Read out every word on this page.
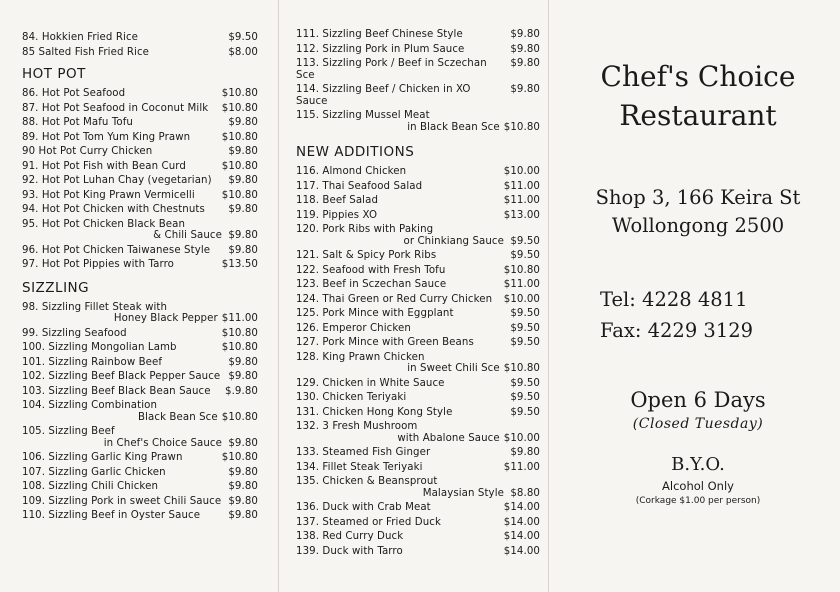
84. Hokkien Fried Rice	$9.50
85 Salted Fish Fried Rice	$8.00
HOT POT
86. Hot Pot Seafood	$10.80
87. Hot Pot Seafood in Coconut Milk	$10.80
88. Hot Pot Mafu Tofu	$9.80
89. Hot Pot Tom Yum King Prawn	$10.80
90 Hot Pot Curry Chicken	$9.80
91. Hot Pot Fish with Bean Curd	$10.80
92. Hot Pot Luhan Chay (vegetarian)	$9.80
93. Hot Pot King Prawn Vermicelli	$10.80
94. Hot Pot Chicken with Chestnuts	$9.80
95. Hot Pot Chicken Black Bean
& Chili Sauce $9.80
96. Hot Pot Chicken Taiwanese Style	$9.80
97. Hot Pot Pippies with Tarro	$13.50
SIZZLING
98. Sizzling Fillet Steak with
Honey Black Pepper $11.00
99. Sizzling Seafood	$10.80
100. Sizzling Mongolian Lamb	$10.80
101. Sizzling Rainbow Beef	$9.80
102. Sizzling Beef Black Pepper Sauce $9.80
103. Sizzling Beef Black Bean Sauce	$.9.80
104. Sizzling Combination
Black Bean Sce $10.80
105. Sizzling Beef
in Chef's Choice Sauce $9.80
106. Sizzling Garlic King Prawn	$10.80
107. Sizzling Garlic Chicken	$9.80
108. Sizzling Chili Chicken	$9.80
109. Sizzling Pork in sweet Chili Sauce $9.80
110. Sizzling Beef in Oyster Sauce	$9.80
111. Sizzling Beef Chinese Style	$9.80
112. Sizzling Pork in Plum Sauce	$9.80
113. Sizzling Pork / Beef in Sczechan Sce
$9.80
114. Sizzling Beef / Chicken in XO Sauce
$9.80
115. Sizzling Mussel Meat
in Black Bean Sce $10.80
NEW ADDITIONS
116. Almond Chicken	$10.00
117. Thai Seafood Salad	$11.00
118. Beef Salad	$11.00
119. Pippies XO	$13.00
120. Pork Ribs with Paking
or Chinkiang Sauce $9.50
121. Salt & Spicy Pork Ribs	$9.50
122. Seafood with Fresh Tofu	$10.80
123. Beef in Sczechan Sauce	$11.00
124. Thai Green or Red Curry Chicken	$10.00
125. Pork Mince with Eggplant	$9.50
126. Emperor Chicken	$9.50
127. Pork Mince with Green Beans	$9.50
128. King Prawn Chicken
in Sweet Chili Sce $10.80
129. Chicken in White Sauce	$9.50
130. Chicken Teriyaki	$9.50
131. Chicken Hong Kong Style	$9.50
132. 3 Fresh Mushroom
with Abalone Sauce $10.00
133. Steamed Fish Ginger	$9.80
134. Fillet Steak Teriyaki	$11.00
135. Chicken & Beansprout
Malaysian Style $8.80
136. Duck with Crab Meat	$14.00
137. Steamed or Fried Duck	$14.00
138. Red Curry Duck	$14.00
139. Duck with Tarro	$14.00
Chef's Choice
Restaurant
Shop 3, 166 Keira St
Wollongong 2500
Tel: 4228 4811
Fax: 4229 3129
Open 6 Days
(Closed Tuesday)
B.Y.O.
Alcohol Only
(Corkage $1.00 per person)
